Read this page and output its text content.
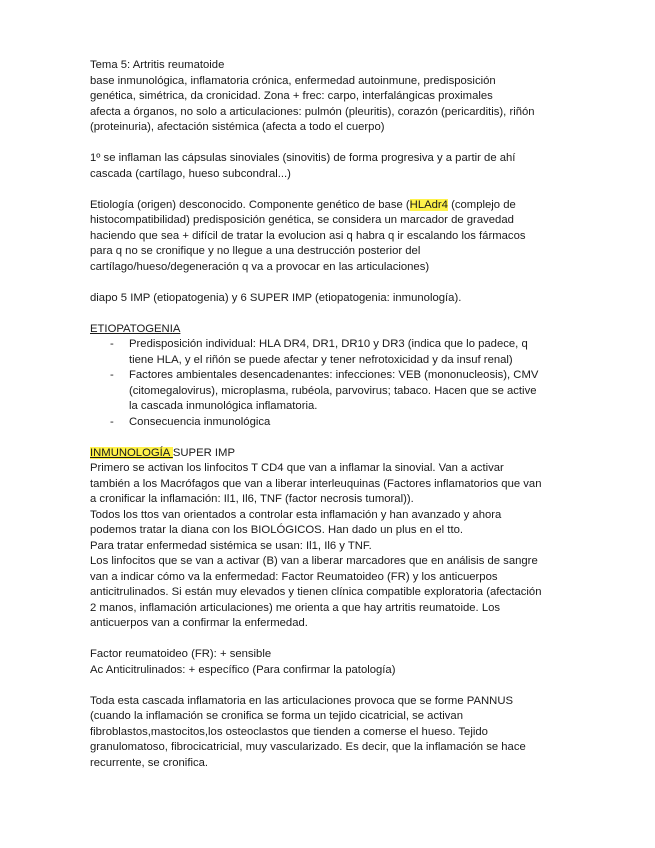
Tema 5: Artritis reumatoide
base inmunológica, inflamatoria crónica, enfermedad autoinmune, predisposición
genética, simétrica, da cronicidad. Zona + frec: carpo, interfalángicas proximales
afecta a órganos, no solo a articulaciones: pulmón (pleuritis), corazón (pericarditis), riñón
(proteinuria), afectación sistémica (afecta a todo el cuerpo)
1º se inflaman las cápsulas sinoviales (sinovitis) de forma progresiva y a partir de ahí
cascada (cartílago, hueso subcondral...)
Etiología (origen) desconocido. Componente genético de base (HLAdr4 (complejo de
histocompatibilidad) predisposición genética, se considera un marcador de gravedad
haciendo que sea + difícil de tratar la evolucion asi q habra q ir escalando los fármacos
para q no se cronifique y no llegue a una destrucción posterior del
cartílago/hueso/degeneración q va a provocar en las articulaciones)
diapo 5 IMP (etiopatogenia) y 6 SUPER IMP (etiopatogenia: inmunología).
ETIOPATOGENIA
- Predisposición individual: HLA DR4, DR1, DR10 y DR3 (indica que lo padece, q
tiene HLA, y el riñón se puede afectar y tener nefrotoxicidad y da insuf renal)
- Factores ambientales desencadenantes: infecciones: VEB (mononucleosis), CMV
(citomegalovirus), microplasma, rubéola, parvovirus; tabaco. Hacen que se active
la cascada inmunológica inflamatoria.
- Consecuencia inmunológica
INMUNOLOGÍA SUPER IMP
Primero se activan los linfocitos T CD4 que van a inflamar la sinovial. Van a activar
también a los Macrófagos que van a liberar interleuquinas (Factores inflamatorios que van
a cronificar la inflamación: Il1, Il6, TNF (factor necrosis tumoral)).
Todos los ttos van orientados a controlar esta inflamación y han avanzado y ahora
podemos tratar la diana con los BIOLÓGICOS. Han dado un plus en el tto.
Para tratar enfermedad sistémica se usan: Il1, Il6 y TNF.
Los linfocitos que se van a activar (B) van a liberar marcadores que en análisis de sangre
van a indicar cómo va la enfermedad: Factor Reumatoideo (FR) y los anticuerpos
anticitrulinados. Si están muy elevados y tienen clínica compatible exploratoria (afectación
2 manos, inflamación articulaciones) me orienta a que hay artritis reumatoide. Los
anticuerpos van a confirmar la enfermedad.
Factor reumatoideo (FR): + sensible
Ac Anticitrulinados: + específico (Para confirmar la patología)
Toda esta cascada inflamatoria en las articulaciones provoca que se forme PANNUS
(cuando la inflamación se cronifica se forma un tejido cicatricial, se activan
fibroblastos,mastocitos,los osteoclastos que tienden a comerse el hueso. Tejido
granulomatoso, fibrocicatricial, muy vascularizado. Es decir, que la inflamación se hace
recurrente, se cronifica.
